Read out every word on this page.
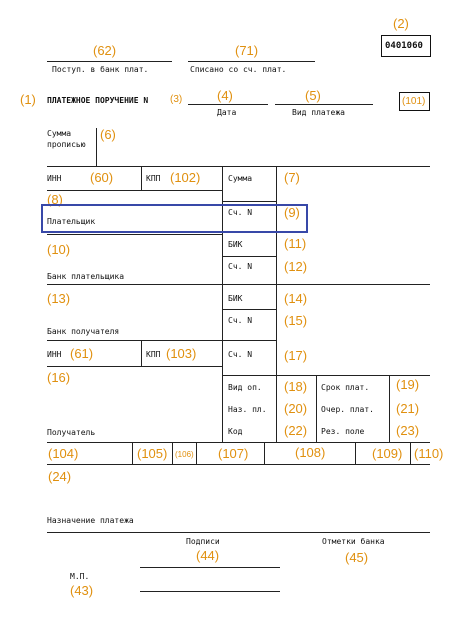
(2)
0401060
(62)
Поступ. в банк плат.
(71)
Списано со сч. плат.
(1) ПЛАТЕЖНОЕ ПОРУЧЕНИЕ N (3)	(4)
Дата
(5)
Вид платежа
(101)
Сумма
прописью
(6)
ИНН (60)	КПП (102)	Сумма (7)
(8)
Сч. N (9)
Плательщик
БИК	(11)
(10)
Сч. N (12)
Банк плательщика
БИК	(14)
(13)
Сч. N (15)
Банк получателя
ИНН (61)	КПП (103)	Сч. N (17)
(16)
Вид оп. (18) Срок плат. (19)
Наз. пл. (20) Очер. плат. (21)
Код	(22) Рез. поле (23)
Получатель
(104)	(105) (106) (107)	(108)	(109) (110)
(24)
Назначение платежа
Подписи	Отметки банка
(44)	(45)
М.П.
(43)
